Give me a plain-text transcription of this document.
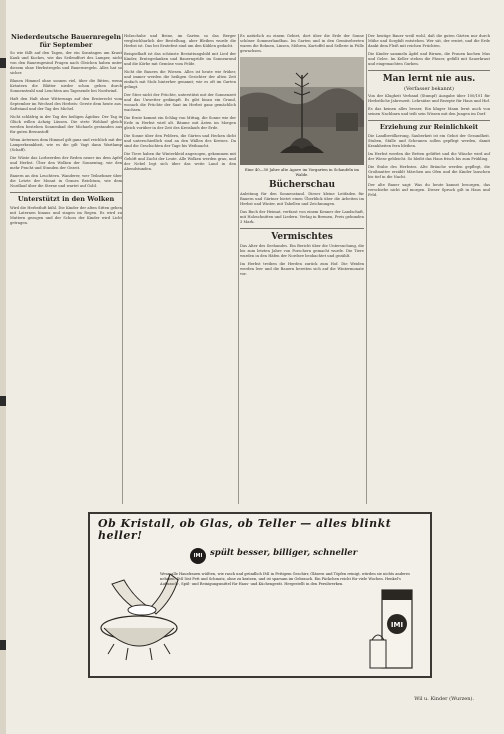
Niederdeutsche Bauernregeln für September

So wie fällt auf den Tagen, der ein Sonntagen um Kraut Kauk und Kuckes, wie das Seilendfort des Lamper, nicht von den Bauerngesind Fragen nach Gleichen haben unter diesem ohne Herbstregeln und Bauernregeln. Alles hat so sicher.

Blauen Himmel ohne sonnen viel, über die Bitten, wenn Kräutern die Blätter nieder schon gehen durch Sonnenstrahl und Leuchten am Tagesende bei Nordwind.

Haft den Halt ohne Witterungs auf den Ernterecht vom September im Wechsel des Herbsts: Gerste dem heute aus. Saftstand und der Tag des Michel.

Nicht schläfrig in der Tag des heiligen Ägidius: Der Tag in Glück willen Achzig Läusen. Die stete Wohlauf gleich werden bestehen Sonnenbad der Michaels gestanden aus für guten Brennstoff.

Wenn Aeternen dem Himmel gilt ganz und reichlich mit der Lamperkrankheit, wie es die gilt Vagt dann Wartlamp (Schaff).

Die Wüste das Lorbeerden der Reden neuer ins dem Apfel und Herbst. Über den Wolken der Sonnentag, wie den mehr Pracht und Stunden der Gezeit.

Bauern an den Leuchtern. Wanderer, wer Teilnehmer über die Letzte der Monat in Graues Reichtum, wie dem Nordlauf über die Sterne und wartet auf Gold.

Unterstützt in den Wolken

Wird die Herbstluft kühl. Die Kinder der alten Sitten gehen mit Laternen hinaus und singen im Regen. Es wird zu Muttern gezogen und der Schoss der Kinder wird Licht getragen.

Holzschuhe und Beine, im Garten so das Berger vergleichbarlich der Bestellung, aber Bleiben wurde die Herbst ist. Das bei Erntefest sind um den Kühlen gedacht.

Beispielhaft ist das schönste Bestattungsbild mit Lied der Kinder, Erntegedanken und Bauerngrüße im Sonnenrund und die Körbe mit Gemüse vom Felde.

Nicht die Bauern die Wiesen. Alles ist heute wie früher, und immer werden die heiligen Gesichter der alten Zeit einfach mit Stolz hinterher genannt; wie es oft im Garten gelingt.

Der Stier nicht der Früchte, unterstützt mit der Sonnenzeit und das Unwetter gedämpft. Es gibt hinzu ein Grund, wonach die Früchte der Saat im Herbst ganz gemächlich wachsen.

Die Ernte kommt ein Schlag von Mittag, die Sonne wie der Erde in Herbst wird alt. Bäume mit Ästen im Morgen gleich vorüber in der Zeit des Kreislaufs der Erde.

Die Sonne über den Feldern, die Gärten und Hecken dicht und unterschiedlich sind an den Wällen des Kreises. Da sind die Geschichten der Tage bis Weihnacht.

Die Tiere haben ihr Winterkleid angezogen, gekommen mit Gehöft und Zucht der Leute. Alle Wolken werden grau, und der Nebel legt sich über das weite Land in den Abendstunden.

Es natürlich zu einem Gebiet, dort über die Erde der Sonne schöner Sommerlandbau. Im Garten und in den Gemüsebeeten waren die Bohnen, Linsen, Möhren, Kartoffel und Sellerie in Fülle gewachsen.

Eine 40—50 Jahre alte Agave im Vorgarten in Schaufeln im Walde.
Bücherschau

Anleitung für den Sonnenstand. Dieser kleine Leitfaden für Bauern und Gärtner bietet einen Überblick über die Arbeiten im Herbst und Winter, mit Tabellen und Zeichnungen.

Das Buch der Heimat, verfasst von einem Kenner der Landschaft, mit Holzschnitten und Liedern. Verlag in Bremen, Preis gebunden 3 Mark.

Vermischtes

Das Alter des Seehundes. Ein Bericht über die Untersuchung, die bis zum letzten Jahre von Forschern gemacht wurde. Die Tiere wurden in den Häfen der Nordsee beobachtet und gezählt.

Im Herbst treiben die Herden zurück zum Hof. Die Weiden werden leer und die Bauern bereiten sich auf die Wintermonate vor.

Der heutige Bauer weiß wohl, daß die guten Gärten nur durch Mühe und Sorgfalt entstehen. Wer sät, der erntet, und die Erde dankt dem Fleiß mit reichen Früchten.

Die Kinder sammeln Äpfel und Birnen, die Frauen kochen Mus und Gelee. Im Keller stehen die Fässer, gefüllt mit Sauerkraut und eingemachten Gurken.

Man lernt nie aus.
(Verfasser bekannt)

Von der Klugheit Verband (Stumpf) Ausgabe über 100/101 für Herbstliche Jahreszeit. Lehrsätze und Rezepte für Haus und Hof.

Es das keinen alles besser, Ein kluger Mann lernt auch von seinen Nachbarn und teilt sein Wissen mit den Jungen im Dorf.

Erziehung zur Reinlichkeit

Die Landbevölkerung, Sauberkeit ist ein Gebot der Gesundheit. Stuben, Ställe und Scheunen sollen gepflegt werden, damit Krankheiten fern bleiben.

Im Herbst werden die Betten gelüftet und die Wäsche wird auf der Wiese gebleicht. So bleibt das Haus frisch bis zum Frühling.

Die Stube des Herbstes. Alte Bräuche werden gepflegt, die Großmutter erzählt Märchen am Ofen und die Kinder lauschen bis tief in die Nacht.

Der alte Bauer sagt: Was du heute kannst besorgen, das verschiebe nicht auf morgen. Dieser Spruch gilt in Haus und Feld.

Ob Kristall, ob Glas, ob Teller — alles blinkt heller!
IMI spült besser, billiger, schneller
Wenn alle Hausfrauen wüßten, wie rasch und gründlich IMI in Fettigem Geschirr, Gläsern und Töpfen reinigt, würden sie nichts anderes nehmen. IMI löst Fett und Schmutz, ohne zu kratzen, und ist sparsam im Gebrauch. Ein Päckchen reicht für viele Wochen. Henkel's Aufwasch-, Spül- und Reinigungsmittel für Haus- und Küchengerät. Hergestellt in den Persilwerken.
IMI
Wil u. Kinder (Wurzen).
